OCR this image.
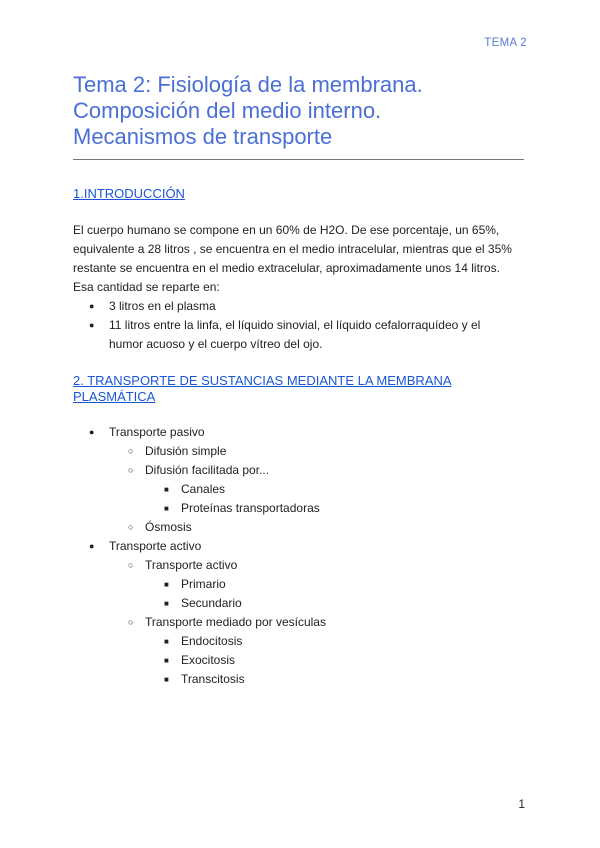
TEMA 2
Tema 2: Fisiología de la membrana.
Composición del medio interno.
Mecanismos de transporte
1.INTRODUCCIÓN
El cuerpo humano se compone en un 60% de H2O. De ese porcentaje, un 65%,
equivalente a 28 litros , se encuentra en el medio intracelular, mientras que el 35%
restante se encuentra en el medio extracelular, aproximadamente unos 14 litros.
Esa cantidad se reparte en:
● 3 litros en el plasma
● 11 litros entre la linfa, el líquido sinovial, el líquido cefalorraquídeo y el
humor acuoso y el cuerpo vítreo del ojo.
2. TRANSPORTE DE SUSTANCIAS MEDIANTE LA MEMBRANA
PLASMÁTICA
● Transporte pasivo
○ Difusión simple
○ Difusión facilitada por...
■ Canales
■ Proteínas transportadoras
○ Ósmosis
● Transporte activo
○ Transporte activo
■ Primario
■ Secundario
○ Transporte mediado por vesículas
■ Endocitosis
■ Exocitosis
■ Transcitosis
1
